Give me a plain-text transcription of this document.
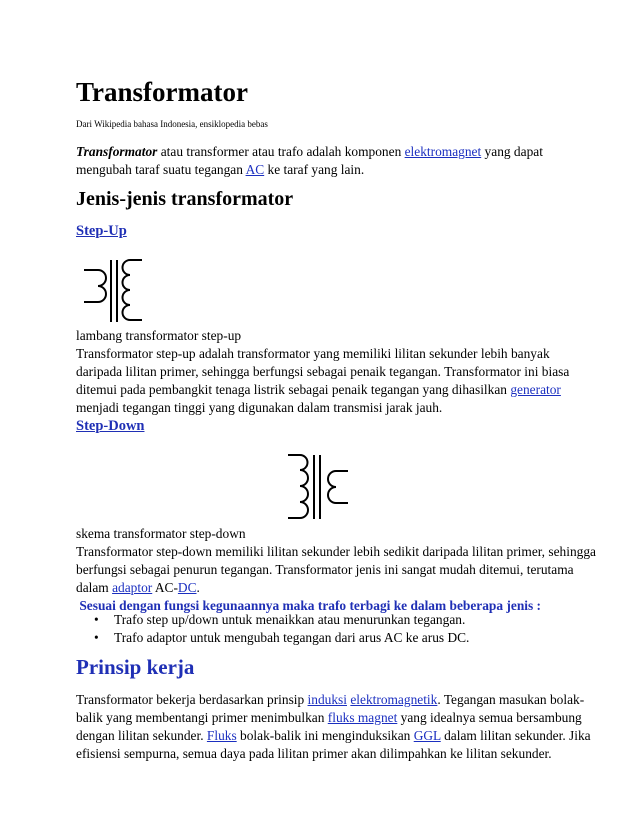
Transformator
Dari Wikipedia bahasa Indonesia, ensiklopedia bebas
Transformator atau transformer atau trafo adalah komponen elektromagnet yang dapat
mengubah taraf suatu tegangan AC ke taraf yang lain.
Jenis-jenis transformator
Step-Up
lambang transformator step-up
Transformator step-up adalah transformator yang memiliki lilitan sekunder lebih banyak
daripada lilitan primer, sehingga berfungsi sebagai penaik tegangan. Transformator ini biasa
ditemui pada pembangkit tenaga listrik sebagai penaik tegangan yang dihasilkan generator
menjadi tegangan tinggi yang digunakan dalam transmisi jarak jauh.
Step-Down
skema transformator step-down
Transformator step-down memiliki lilitan sekunder lebih sedikit daripada lilitan primer, sehingga
berfungsi sebagai penurun tegangan. Transformator jenis ini sangat mudah ditemui, terutama
dalam adaptor AC-DC.
Sesuai dengan fungsi kegunaannya maka trafo terbagi ke dalam beberapa jenis :
• Trafo step up/down untuk menaikkan atau menurunkan tegangan.
• Trafo adaptor untuk mengubah tegangan dari arus AC ke arus DC.
Prinsip kerja
Transformator bekerja berdasarkan prinsip induksi elektromagnetik. Tegangan masukan bolak-
balik yang membentangi primer menimbulkan fluks magnet yang idealnya semua bersambung
dengan lilitan sekunder. Fluks bolak-balik ini menginduksikan GGL dalam lilitan sekunder. Jika
efisiensi sempurna, semua daya pada lilitan primer akan dilimpahkan ke lilitan sekunder.
